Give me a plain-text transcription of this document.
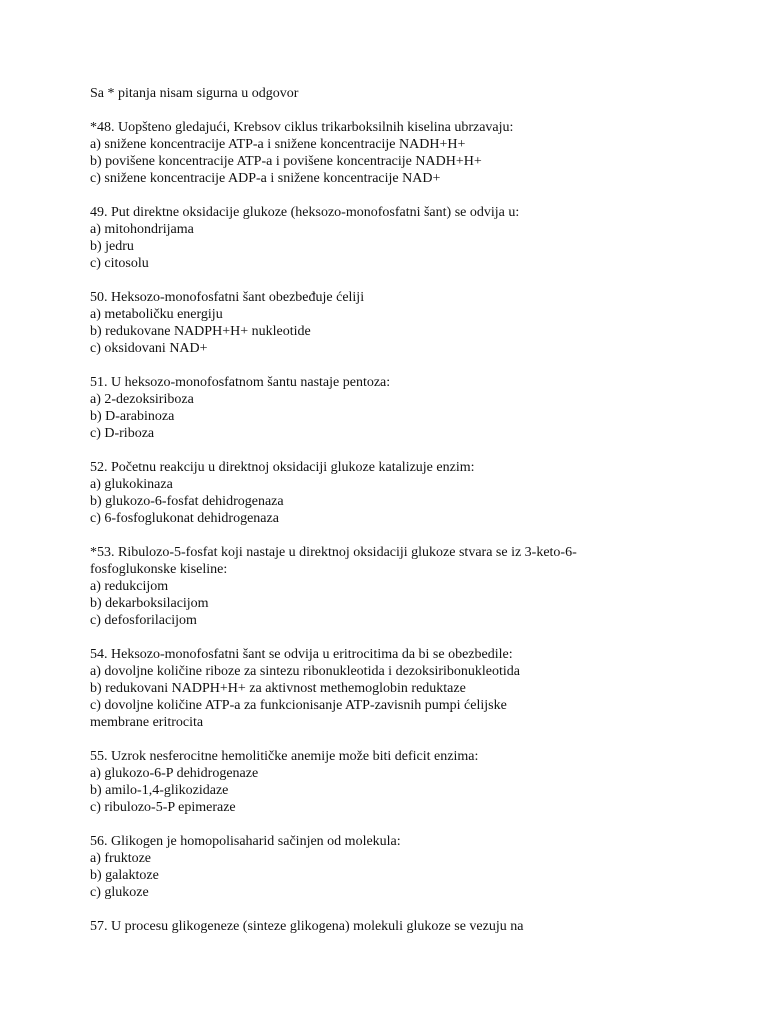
Sa * pitanja nisam sigurna u odgovor
*48. Uopšteno gledajući, Krebsov ciklus trikarboksilnih kiselina ubrzavaju:
a) snižene koncentracije ATP-a i snižene koncentracije NADH+H+
b) povišene koncentracije ATP-a i povišene koncentracije NADH+H+
c) snižene koncentracije ADP-a i snižene koncentracije NAD+
49. Put direktne oksidacije glukoze (heksozo-monofosfatni šant) se odvija u:
a) mitohondrijama
b) jedru
c) citosolu
50. Heksozo-monofosfatni šant obezbeđuje ćeliji
a) metaboličku energiju
b) redukovane NADPH+H+ nukleotide
c) oksidovani NAD+
51. U heksozo-monofosfatnom šantu nastaje pentoza:
a) 2-dezoksiriboza
b) D-arabinoza
c) D-riboza
52. Početnu reakciju u direktnoj oksidaciji glukoze katalizuje enzim:
a) glukokinaza
b) glukozo-6-fosfat dehidrogenaza
c) 6-fosfoglukonat dehidrogenaza
*53. Ribulozo-5-fosfat koji nastaje u direktnoj oksidaciji glukoze stvara se iz 3-keto-6-
fosfoglukonske kiseline:
a) redukcijom
b) dekarboksilacijom
c) defosforilacijom
54. Heksozo-monofosfatni šant se odvija u eritrocitima da bi se obezbedile:
a) dovoljne količine riboze za sintezu ribonukleotida i dezoksiribonukleotida
b) redukovani NADPH+H+ za aktivnost methemoglobin reduktaze
c) dovoljne količine ATP-a za funkcionisanje ATP-zavisnih pumpi ćelijske
membrane eritrocita
55. Uzrok nesferocitne hemolitičke anemije može biti deficit enzima:
a) glukozo-6-P dehidrogenaze
b) amilo-1,4-glikozidaze
c) ribulozo-5-P epimeraze
56. Glikogen je homopolisaharid sačinjen od molekula:
a) fruktoze
b) galaktoze
c) glukoze
57. U procesu glikogeneze (sinteze glikogena) molekuli glukoze se vezuju na
